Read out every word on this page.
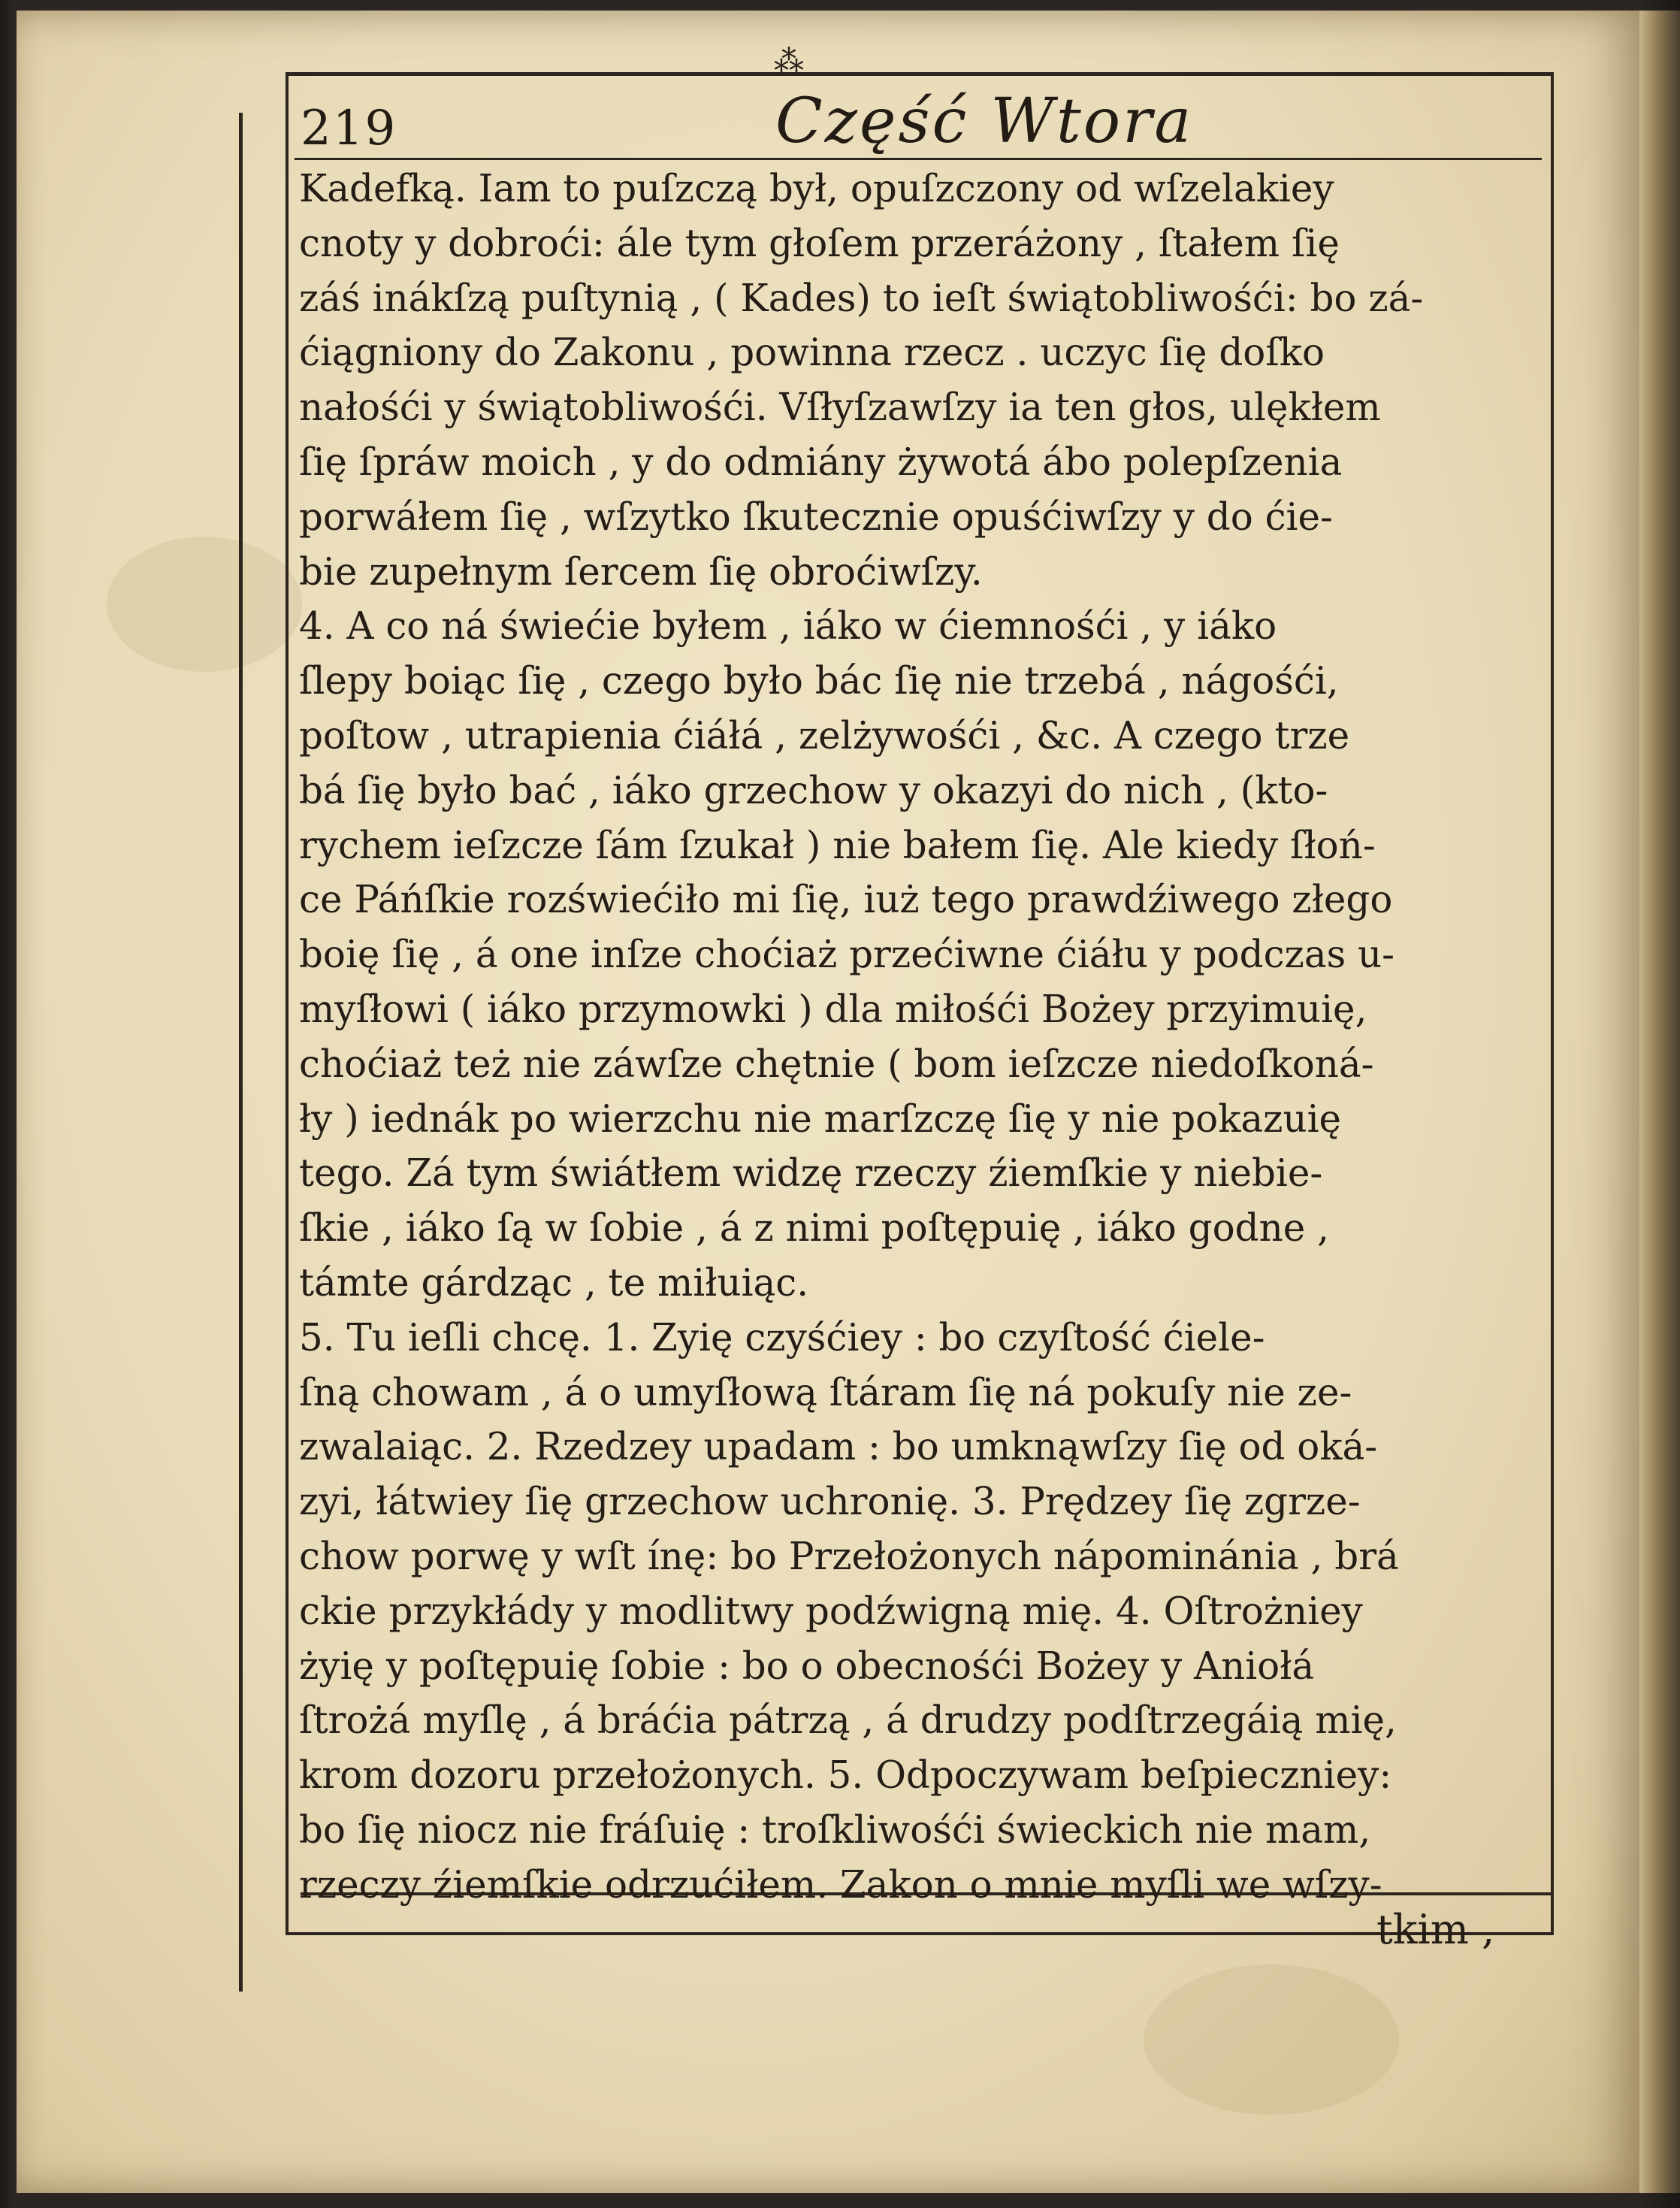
⁂
219	Część Wtora
Kadefką. Iam to puſzczą był, opuſzczony od wſzelakiey
cnoty y dobroći: ále tym głoſem przeráżony , ſtałem ſię
záś inákſzą puſtynią , ( Kades) to ieſt świątobliwośći: bo zá-
ćiągniony do Zakonu , powinna rzecz . uczyc ſię doſko
nałośći y świątobliwośći. Vſłyſzawſzy ia ten głos, ulękłem
ſię ſpráw moich , y do odmiány żywotá ábo polepſzenia
porwáłem ſię , wſzytko ſkutecznie opuśćiwſzy y do ćie-
bie zupełnym ſercem ſię obroćiwſzy.
4. A co ná świećie byłem , iáko w ćiemnośći , y iáko
ſlepy boiąc ſię , czego było bác ſię nie trzebá , nágośći,
poſtow , utrapienia ćiáłá , zelżywośći , &c. A czego trze
bá ſię było bać , iáko grzechow y okazyi do nich , (kto-
rychem ieſzcze ſám ſzukał ) nie bałem ſię. Ale kiedy ſłoń-
ce Páńſkie rozświećiło mi ſię, iuż tego prawdźiwego złego
boię ſię , á one inſze choćiaż przećiwne ćiáłu y podczas u-
myſłowi ( iáko przymowki ) dla miłośći Bożey przyimuię,
choćiaż też nie záwſze chętnie ( bom ieſzcze niedoſkoná-
ły ) iednák po wierzchu nie marſzczę ſię y nie pokazuię
tego. Zá tym świátłem widzę rzeczy źiemſkie y niebie-
ſkie , iáko ſą w ſobie , á z nimi poſtępuię , iáko godne ,
támte gárdząc , te miłuiąc.
5. Tu ieſli chcę. 1. Zyię czyśćiey : bo czyſtość ćiele-
ſną chowam , á o umyſłową ſtáram ſię ná pokuſy nie ze-
zwalaiąc. 2. Rzedzey upadam : bo umknąwſzy ſię od oká-
zyi, łátwiey ſię grzechow uchronię. 3. Prędzey ſię zgrze-
chow porwę y wſt ínę: bo Przełożonych nápominánia , brá
ckie przykłády y modlitwy podźwigną mię. 4. Oſtrożniey
żyię y poſtępuię ſobie : bo o obecnośći Bożey y Aniołá
ſtrożá myſlę , á bráćia pátrzą , á drudzy podſtrzegáią mię,
krom dozoru przełożonych. 5. Odpoczywam beſpieczniey:
bo ſię niocz nie fráſuię : troſkliwośći świeckich nie mam,
rzeczy źiemſkie odrzućiłem. Zakon o mnie myſli we wſzy-
tkim ,
